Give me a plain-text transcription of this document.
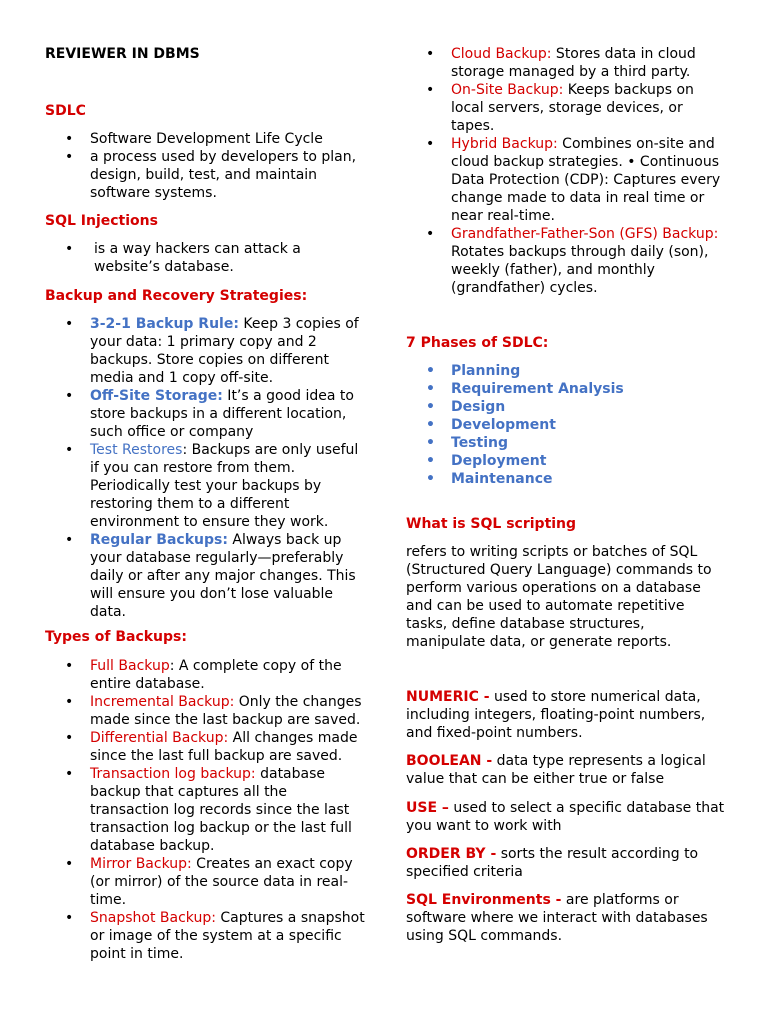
REVIEWER IN DBMS

SDLC
• Software Development Life Cycle
• a process used by developers to plan, design, build, test, and maintain software systems.
SQL Injections
• is a way hackers can attack a website’s database.
Backup and Recovery Strategies:
• 3-2-1 Backup Rule: Keep 3 copies of your data: 1 primary copy and 2 backups. Store copies on different media and 1 copy off-site.
• Off-Site Storage: It’s a good idea to store backups in a different location, such office or company
• Test Restores: Backups are only useful if you can restore from them. Periodically test your backups by restoring them to a different environment to ensure they work.
• Regular Backups: Always back up your database regularly—preferably daily or after any major changes. This will ensure you don’t lose valuable data.
Types of Backups:
• Full Backup: A complete copy of the entire database.
• Incremental Backup: Only the changes made since the last backup are saved.
• Differential Backup: All changes made since the last full backup are saved.
• Transaction log backup: database backup that captures all the transaction log records since the last transaction log backup or the last full database backup.
• Mirror Backup: Creates an exact copy (or mirror) of the source data in real-time.
• Snapshot Backup: Captures a snapshot or image of the system at a specific point in time.
• Cloud Backup: Stores data in cloud storage managed by a third party.
• On-Site Backup: Keeps backups on local servers, storage devices, or tapes.
• Hybrid Backup: Combines on-site and cloud backup strategies. • Continuous Data Protection (CDP): Captures every change made to data in real time or near real-time.
• Grandfather-Father-Son (GFS) Backup: Rotates backups through daily (son), weekly (father), and monthly (grandfather) cycles.
7 Phases of SDLC:
• Planning
• Requirement Analysis
• Design
• Development
• Testing
• Deployment
• Maintenance
What is SQL scripting

refers to writing scripts or batches of SQL (Structured Query Language) commands to perform various operations on a database and can be used to automate repetitive tasks, define database structures, manipulate data, or generate reports.

NUMERIC - used to store numerical data, including integers, floating-point numbers, and fixed-point numbers.

BOOLEAN - data type represents a logical value that can be either true or false

USE – used to select a specific database that you want to work with

ORDER BY - sorts the result according to specified criteria

SQL Environments - are platforms or software where we interact with databases using SQL commands.
